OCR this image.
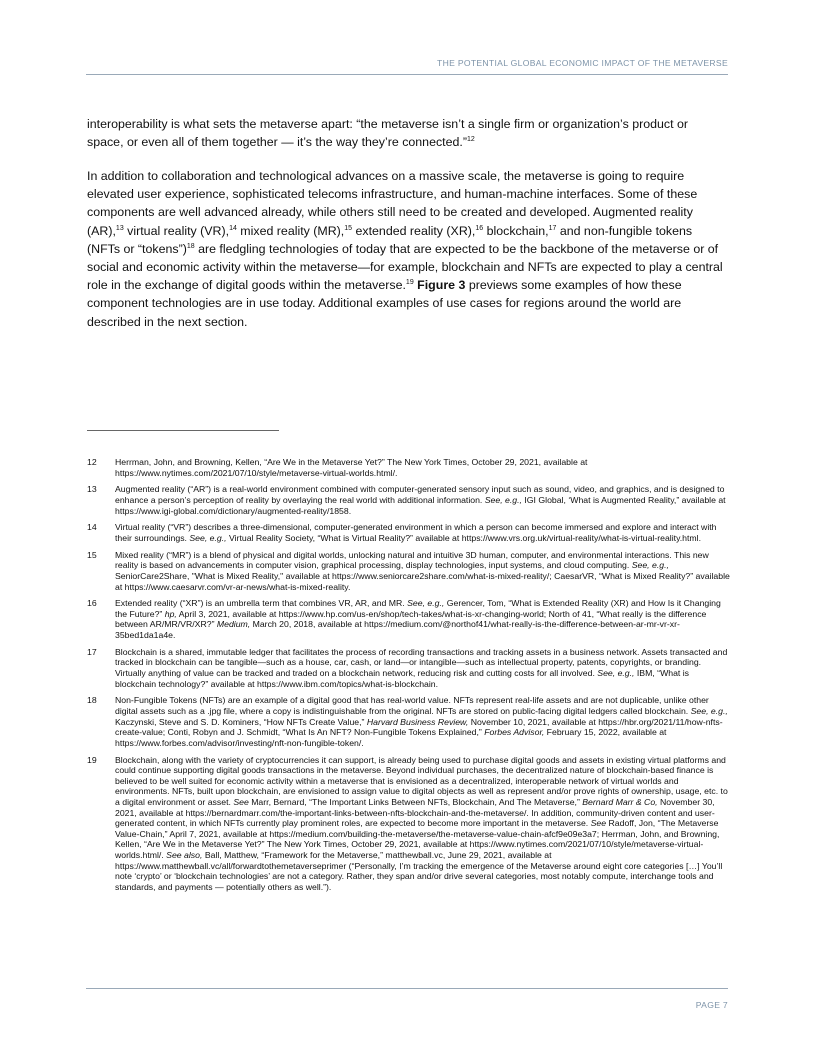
THE POTENTIAL GLOBAL ECONOMIC IMPACT OF THE METAVERSE

interoperability is what sets the metaverse apart: “the metaverse isn’t a single firm or organization’s product or space, or even all of them together — it’s the way they’re connected.”$^{12}$

In addition to collaboration and technological advances on a massive scale, the metaverse is going to require elevated user experience, sophisticated telecoms infrastructure, and human-machine interfaces. Some of these components are well advanced already, while others still need to be created and developed. Augmented reality (AR),$^{13}$ virtual reality (VR),$^{14}$ mixed reality (MR),$^{15}$ extended reality (XR),$^{16}$ blockchain,$^{17}$ and non-fungible tokens (NFTs or “tokens”)$^{18}$ are fledgling technologies of today that are expected to be the backbone of the metaverse or of social and economic activity within the metaverse—for example, blockchain and NFTs are expected to play a central role in the exchange of digital goods within the metaverse.$^{19}$ Figure 3 previews some examples of how these component technologies are in use today. Additional examples of use cases for regions around the world are described in the next section.

12	Herrman, John, and Browning, Kellen, “Are We in the Metaverse Yet?” The New York Times, October 29, 2021, available at https://www.nytimes.com/2021/07/10/style/metaverse-virtual-worlds.html/.
13	Augmented reality (“AR”) is a real-world environment combined with computer-generated sensory input such as sound, video, and graphics, and is designed to enhance a person’s perception of reality by overlaying the real world with additional information. See, e.g., IGI Global, ‘What is Augmented Reality,” available at https://www.igi-global.com/dictionary/augmented-reality/1858.
14	Virtual reality (“VR”) describes a three-dimensional, computer-generated environment in which a person can become immersed and explore and interact with their surroundings. See, e.g., Virtual Reality Society, “What is Virtual Reality?” available at https://www.vrs.org.uk/virtual-reality/what-is-virtual-reality.html.
15	Mixed reality (“MR”) is a blend of physical and digital worlds, unlocking natural and intuitive 3D human, computer, and environmental interactions. This new reality is based on advancements in computer vision, graphical processing, display technologies, input systems, and cloud computing. See, e.g., SeniorCare2Share, "What is Mixed Reality," available at https://www.seniorcare2share.com/what-is-mixed-reality/; CaesarVR, “What is Mixed Reality?” available at https://www.caesarvr.com/vr-ar-news/what-is-mixed-reality.
16	Extended reality (“XR”) is an umbrella term that combines VR, AR, and MR. See, e.g., Gerencer, Tom, “What is Extended Reality (XR) and How Is it Changing the Future?” hp, April 3, 2021, available at https://www.hp.com/us-en/shop/tech-takes/what-is-xr-changing-world; North of 41, “What really is the difference between AR/MR/VR/XR?” Medium, March 20, 2018, available at https://medium.com/@northof41/what-really-is-the-difference-between-ar-mr-vr-xr-35bed1da1a4e.
17	Blockchain is a shared, immutable ledger that facilitates the process of recording transactions and tracking assets in a business network. Assets transacted and tracked in blockchain can be tangible—such as a house, car, cash, or land—or intangible—such as intellectual property, patents, copyrights, or branding. Virtually anything of value can be tracked and traded on a blockchain network, reducing risk and cutting costs for all involved. See, e.g., IBM, “What is blockchain technology?” available at https://www.ibm.com/topics/what-is-blockchain.
18	Non-Fungible Tokens (NFTs) are an example of a digital good that has real-world value. NFTs represent real-life assets and are not duplicable, unlike other digital assets such as a .jpg file, where a copy is indistinguishable from the original. NFTs are stored on public-facing digital ledgers called blockchain. See, e.g., Kaczynski, Steve and S. D. Kominers, “How NFTs Create Value,” Harvard Business Review, November 10, 2021, available at https://hbr.org/2021/11/how-nfts-create-value; Conti, Robyn and J. Schmidt, “What Is An NFT? Non-Fungible Tokens Explained,” Forbes Advisor, February 15, 2022, available at https://www.forbes.com/advisor/investing/nft-non-fungible-token/.
19	Blockchain, along with the variety of cryptocurrencies it can support, is already being used to purchase digital goods and assets in existing virtual platforms and could continue supporting digital goods transactions in the metaverse. Beyond individual purchases, the decentralized nature of blockchain-based finance is believed to be well suited for economic activity within a metaverse that is envisioned as a decentralized, interoperable network of virtual worlds and environments. NFTs, built upon blockchain, are envisioned to assign value to digital objects as well as represent and/or prove rights of ownership, usage, etc. to a digital environment or asset. See Marr, Bernard, “The Important Links Between NFTs, Blockchain, And The Metaverse,” Bernard Marr & Co, November 30, 2021, available at https://bernardmarr.com/the-important-links-between-nfts-blockchain-and-the-metaverse/. In addition, community-driven content and user-generated content, in which NFTs currently play prominent roles, are expected to become more important in the metaverse. See Radoff, Jon, “The Metaverse Value-Chain,” April 7, 2021, available at https://medium.com/building-the-metaverse/the-metaverse-value-chain-afcf9e09e3a7; Herrman, John, and Browning, Kellen, “Are We in the Metaverse Yet?” The New York Times, October 29, 2021, available at https://www.nytimes.com/2021/07/10/style/metaverse-virtual-worlds.html/. See also, Ball, Matthew, “Framework for the Metaverse,” matthewball.vc, June 29, 2021, available at https://www.matthewball.vc/all/forwardtothemetaverseprimer (“Personally, I’m tracking the emergence of the Metaverse around eight core categories […] You’ll note ‘crypto’ or ‘blockchain technologies’ are not a category. Rather, they span and/or drive several categories, most notably compute, interchange tools and standards, and payments — potentially others as well.”).
PAGE 7
